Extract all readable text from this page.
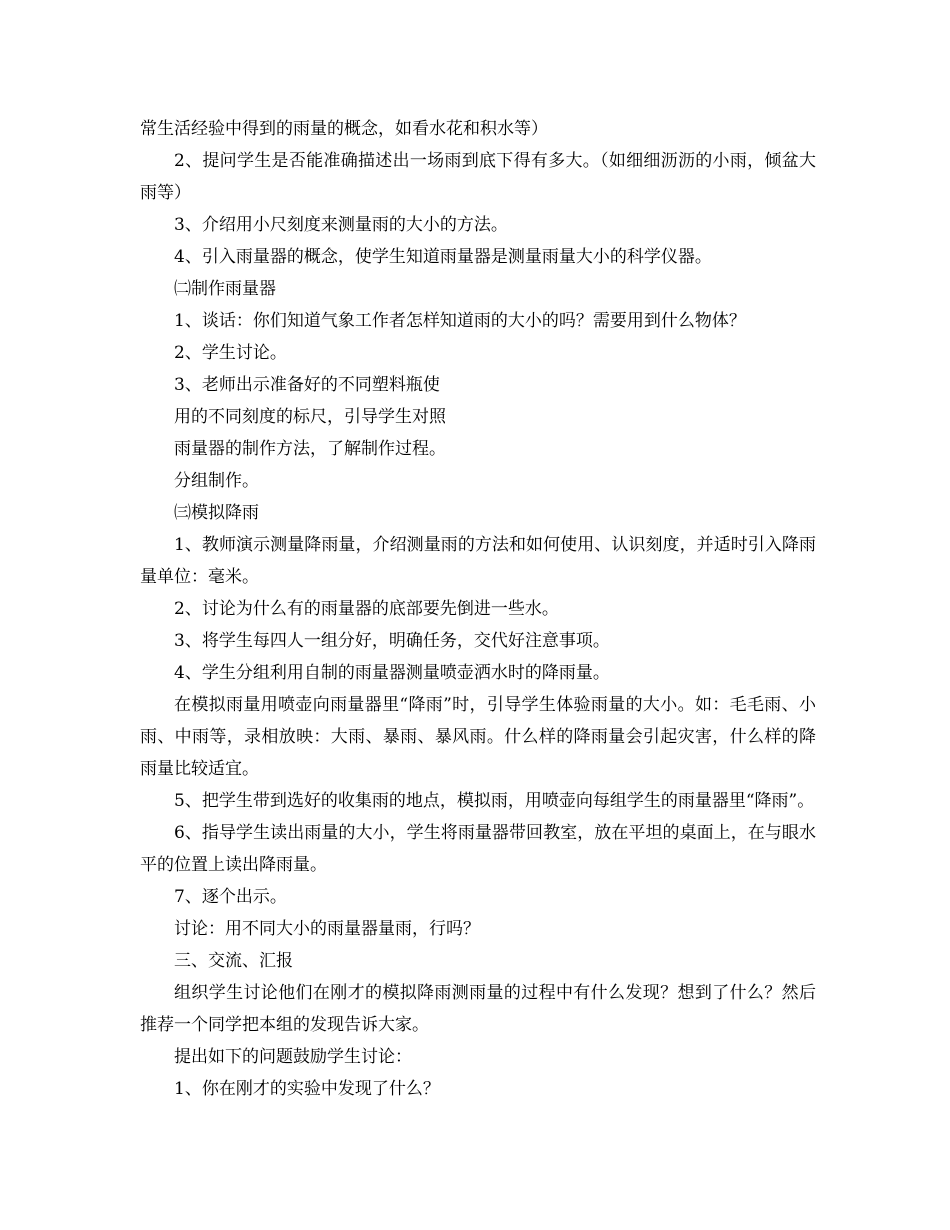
常生活经验中得到的雨量的概念，如看水花和积水等）

2、提问学生是否能准确描述出一场雨到底下得有多大。（如细细沥沥的小雨，倾盆大雨等）

3、介绍用小尺刻度来测量雨的大小的方法。

4、引入雨量器的概念，使学生知道雨量器是测量雨量大小的科学仪器。

㈡制作雨量器

1、谈话：你们知道气象工作者怎样知道雨的大小的吗？需要用到什么物体？

2、学生讨论。

3、老师出示准备好的不同塑料瓶使

用的不同刻度的标尺，引导学生对照

雨量器的制作方法，了解制作过程。

分组制作。

㈢模拟降雨

1、教师演示测量降雨量，介绍测量雨的方法和如何使用、认识刻度，并适时引入降雨量单位：毫米。

2、讨论为什么有的雨量器的底部要先倒进一些水。

3、将学生每四人一组分好，明确任务，交代好注意事项。

4、学生分组利用自制的雨量器测量喷壶洒水时的降雨量。

在模拟雨量用喷壶向雨量器里“降雨”时，引导学生体验雨量的大小。如：毛毛雨、小雨、中雨等，录相放映：大雨、暴雨、暴风雨。什么样的降雨量会引起灾害，什么样的降雨量比较适宜。

5、把学生带到选好的收集雨的地点，模拟雨，用喷壶向每组学生的雨量器里“降雨”。

6、指导学生读出雨量的大小，学生将雨量器带回教室，放在平坦的桌面上，在与眼水平的位置上读出降雨量。

7、逐个出示。

讨论：用不同大小的雨量器量雨，行吗？

三、交流、汇报

组织学生讨论他们在刚才的模拟降雨测雨量的过程中有什么发现？想到了什么？然后推荐一个同学把本组的发现告诉大家。

提出如下的问题鼓励学生讨论：

1、你在刚才的实验中发现了什么？
